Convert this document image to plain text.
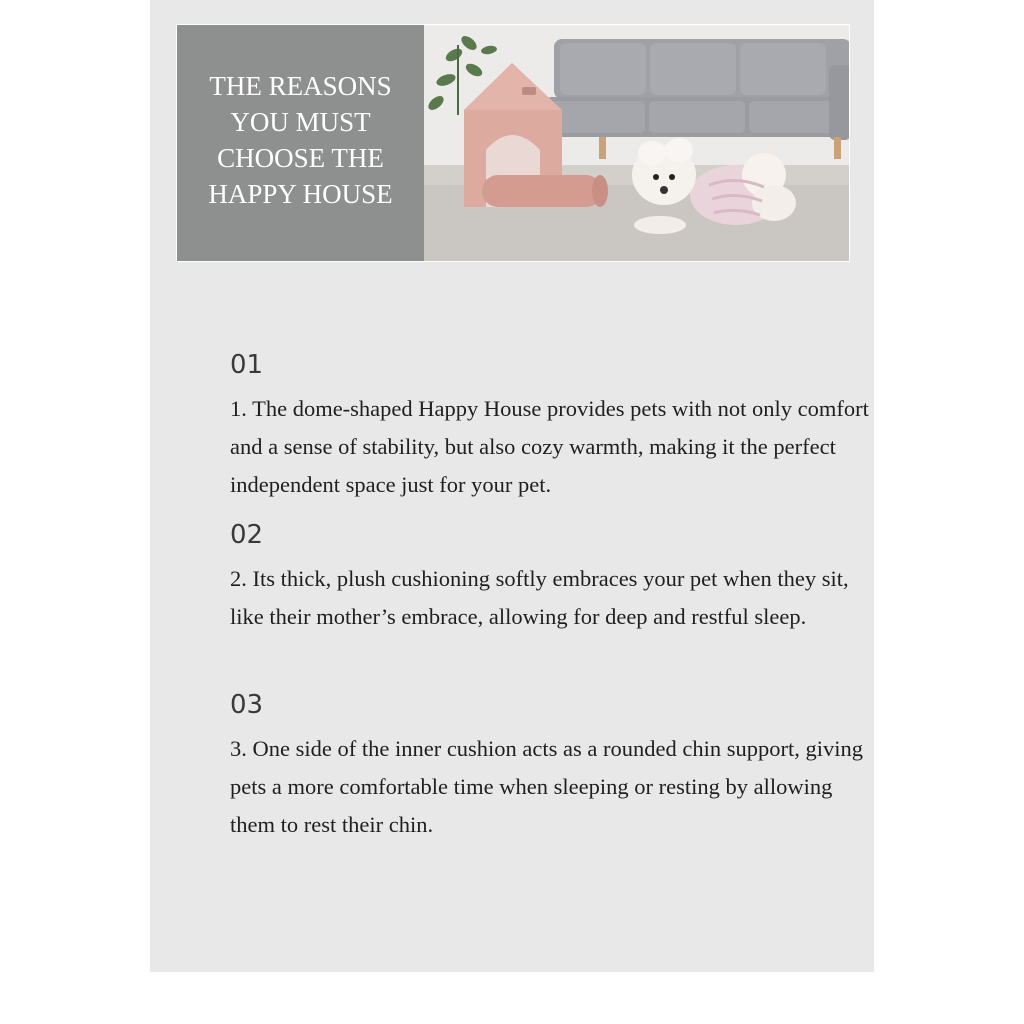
THE REASONS
YOU MUST
CHOOSE THE
HAPPY HOUSE
01

1. The dome-shaped Happy House provides pets with not only comfort and a sense of stability, but also cozy warmth, making it the perfect independent space just for your pet.

02

2. Its thick, plush cushioning softly embraces your pet when they sit, like their mother’s embrace, allowing for deep and restful sleep.

03

3. One side of the inner cushion acts as a rounded chin support, giving pets a more comfortable time when sleeping or resting by allowing them to rest their chin.
